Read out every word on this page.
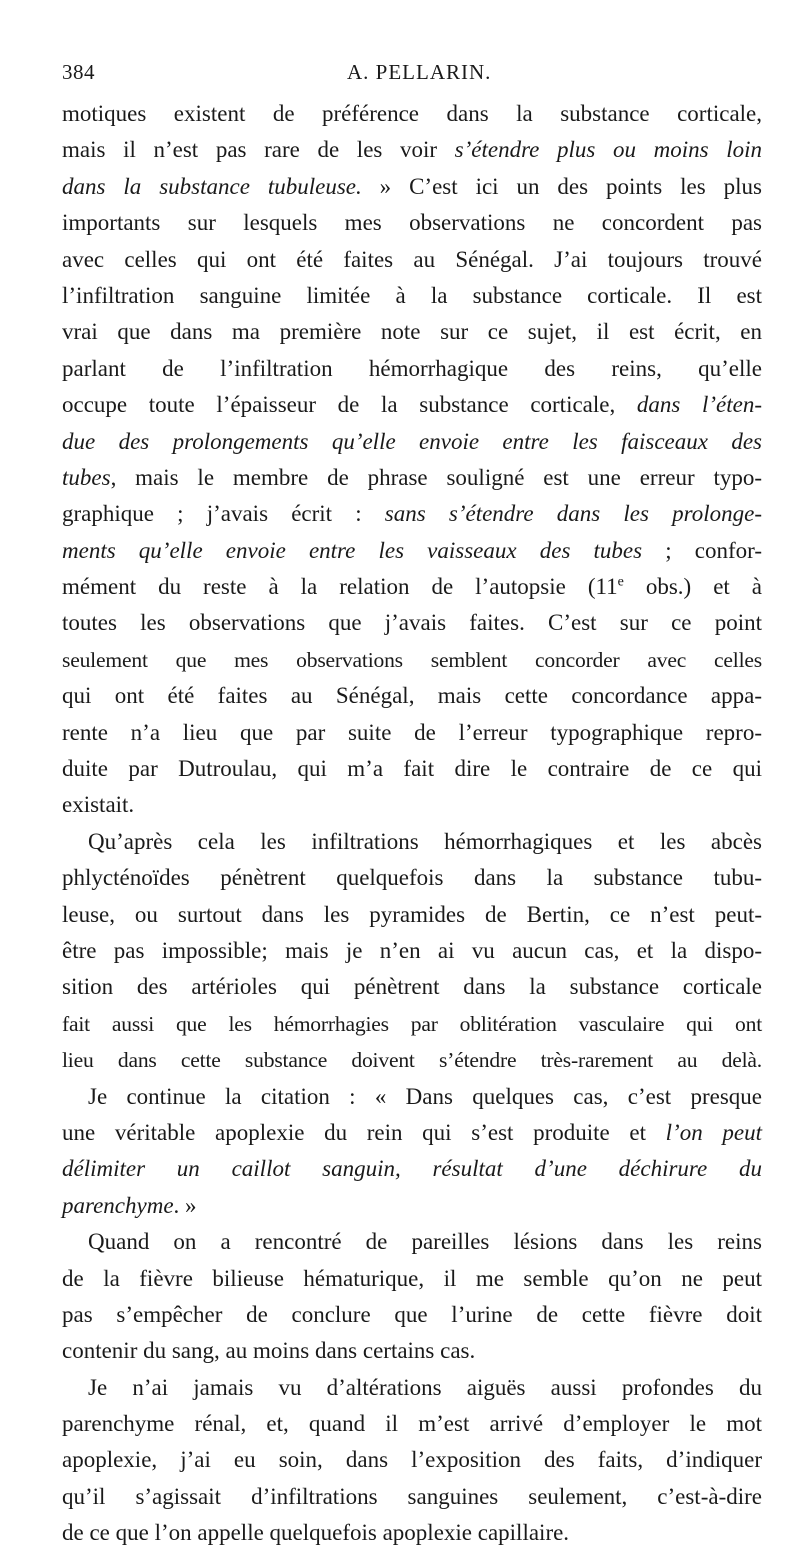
384	A. PELLARIN.
motiques existent de préférence dans la substance corticale,
mais il n’est pas rare de les voir s’étendre plus ou moins loin
dans la substance tubuleuse. » C’est ici un des points les plus
importants sur lesquels mes observations ne concordent pas
avec celles qui ont été faites au Sénégal. J’ai toujours trouvé
l’infiltration sanguine limitée à la substance corticale. Il est
vrai que dans ma première note sur ce sujet, il est écrit, en
parlant de l’infiltration hémorrhagique des reins, qu’elle
occupe toute l’épaisseur de la substance corticale, dans l’éten-
due des prolongements qu’elle envoie entre les faisceaux des
tubes, mais le membre de phrase souligné est une erreur typo-
graphique ; j’avais écrit : sans s’étendre dans les prolonge-
ments qu’elle envoie entre les vaisseaux des tubes ; confor-
mément du reste à la relation de l’autopsie (11e obs.) et à
toutes les observations que j’avais faites. C’est sur ce point
seulement que mes observations semblent concorder avec celles
qui ont été faites au Sénégal, mais cette concordance appa-
rente n’a lieu que par suite de l’erreur typographique repro-
duite par Dutroulau, qui m’a fait dire le contraire de ce qui
existait.
Qu’après cela les infiltrations hémorrhagiques et les abcès
phlycténoïdes pénètrent quelquefois dans la substance tubu-
leuse, ou surtout dans les pyramides de Bertin, ce n’est peut-
être pas impossible; mais je n’en ai vu aucun cas, et la dispo-
sition des artérioles qui pénètrent dans la substance corticale
fait aussi que les hémorrhagies par oblitération vasculaire qui ont
lieu dans cette substance doivent s’étendre très-rarement au delà.
Je continue la citation : « Dans quelques cas, c’est presque
une véritable apoplexie du rein qui s’est produite et l’on peut
délimiter un caillot sanguin, résultat d’une déchirure du
parenchyme. »
Quand on a rencontré de pareilles lésions dans les reins
de la fièvre bilieuse hématurique, il me semble qu’on ne peut
pas s’empêcher de conclure que l’urine de cette fièvre doit
contenir du sang, au moins dans certains cas.
Je n’ai jamais vu d’altérations aiguës aussi profondes du
parenchyme rénal, et, quand il m’est arrivé d’employer le mot
apoplexie, j’ai eu soin, dans l’exposition des faits, d’indiquer
qu’il s’agissait d’infiltrations sanguines seulement, c’est-à-dire
de ce que l’on appelle quelquefois apoplexie capillaire.
